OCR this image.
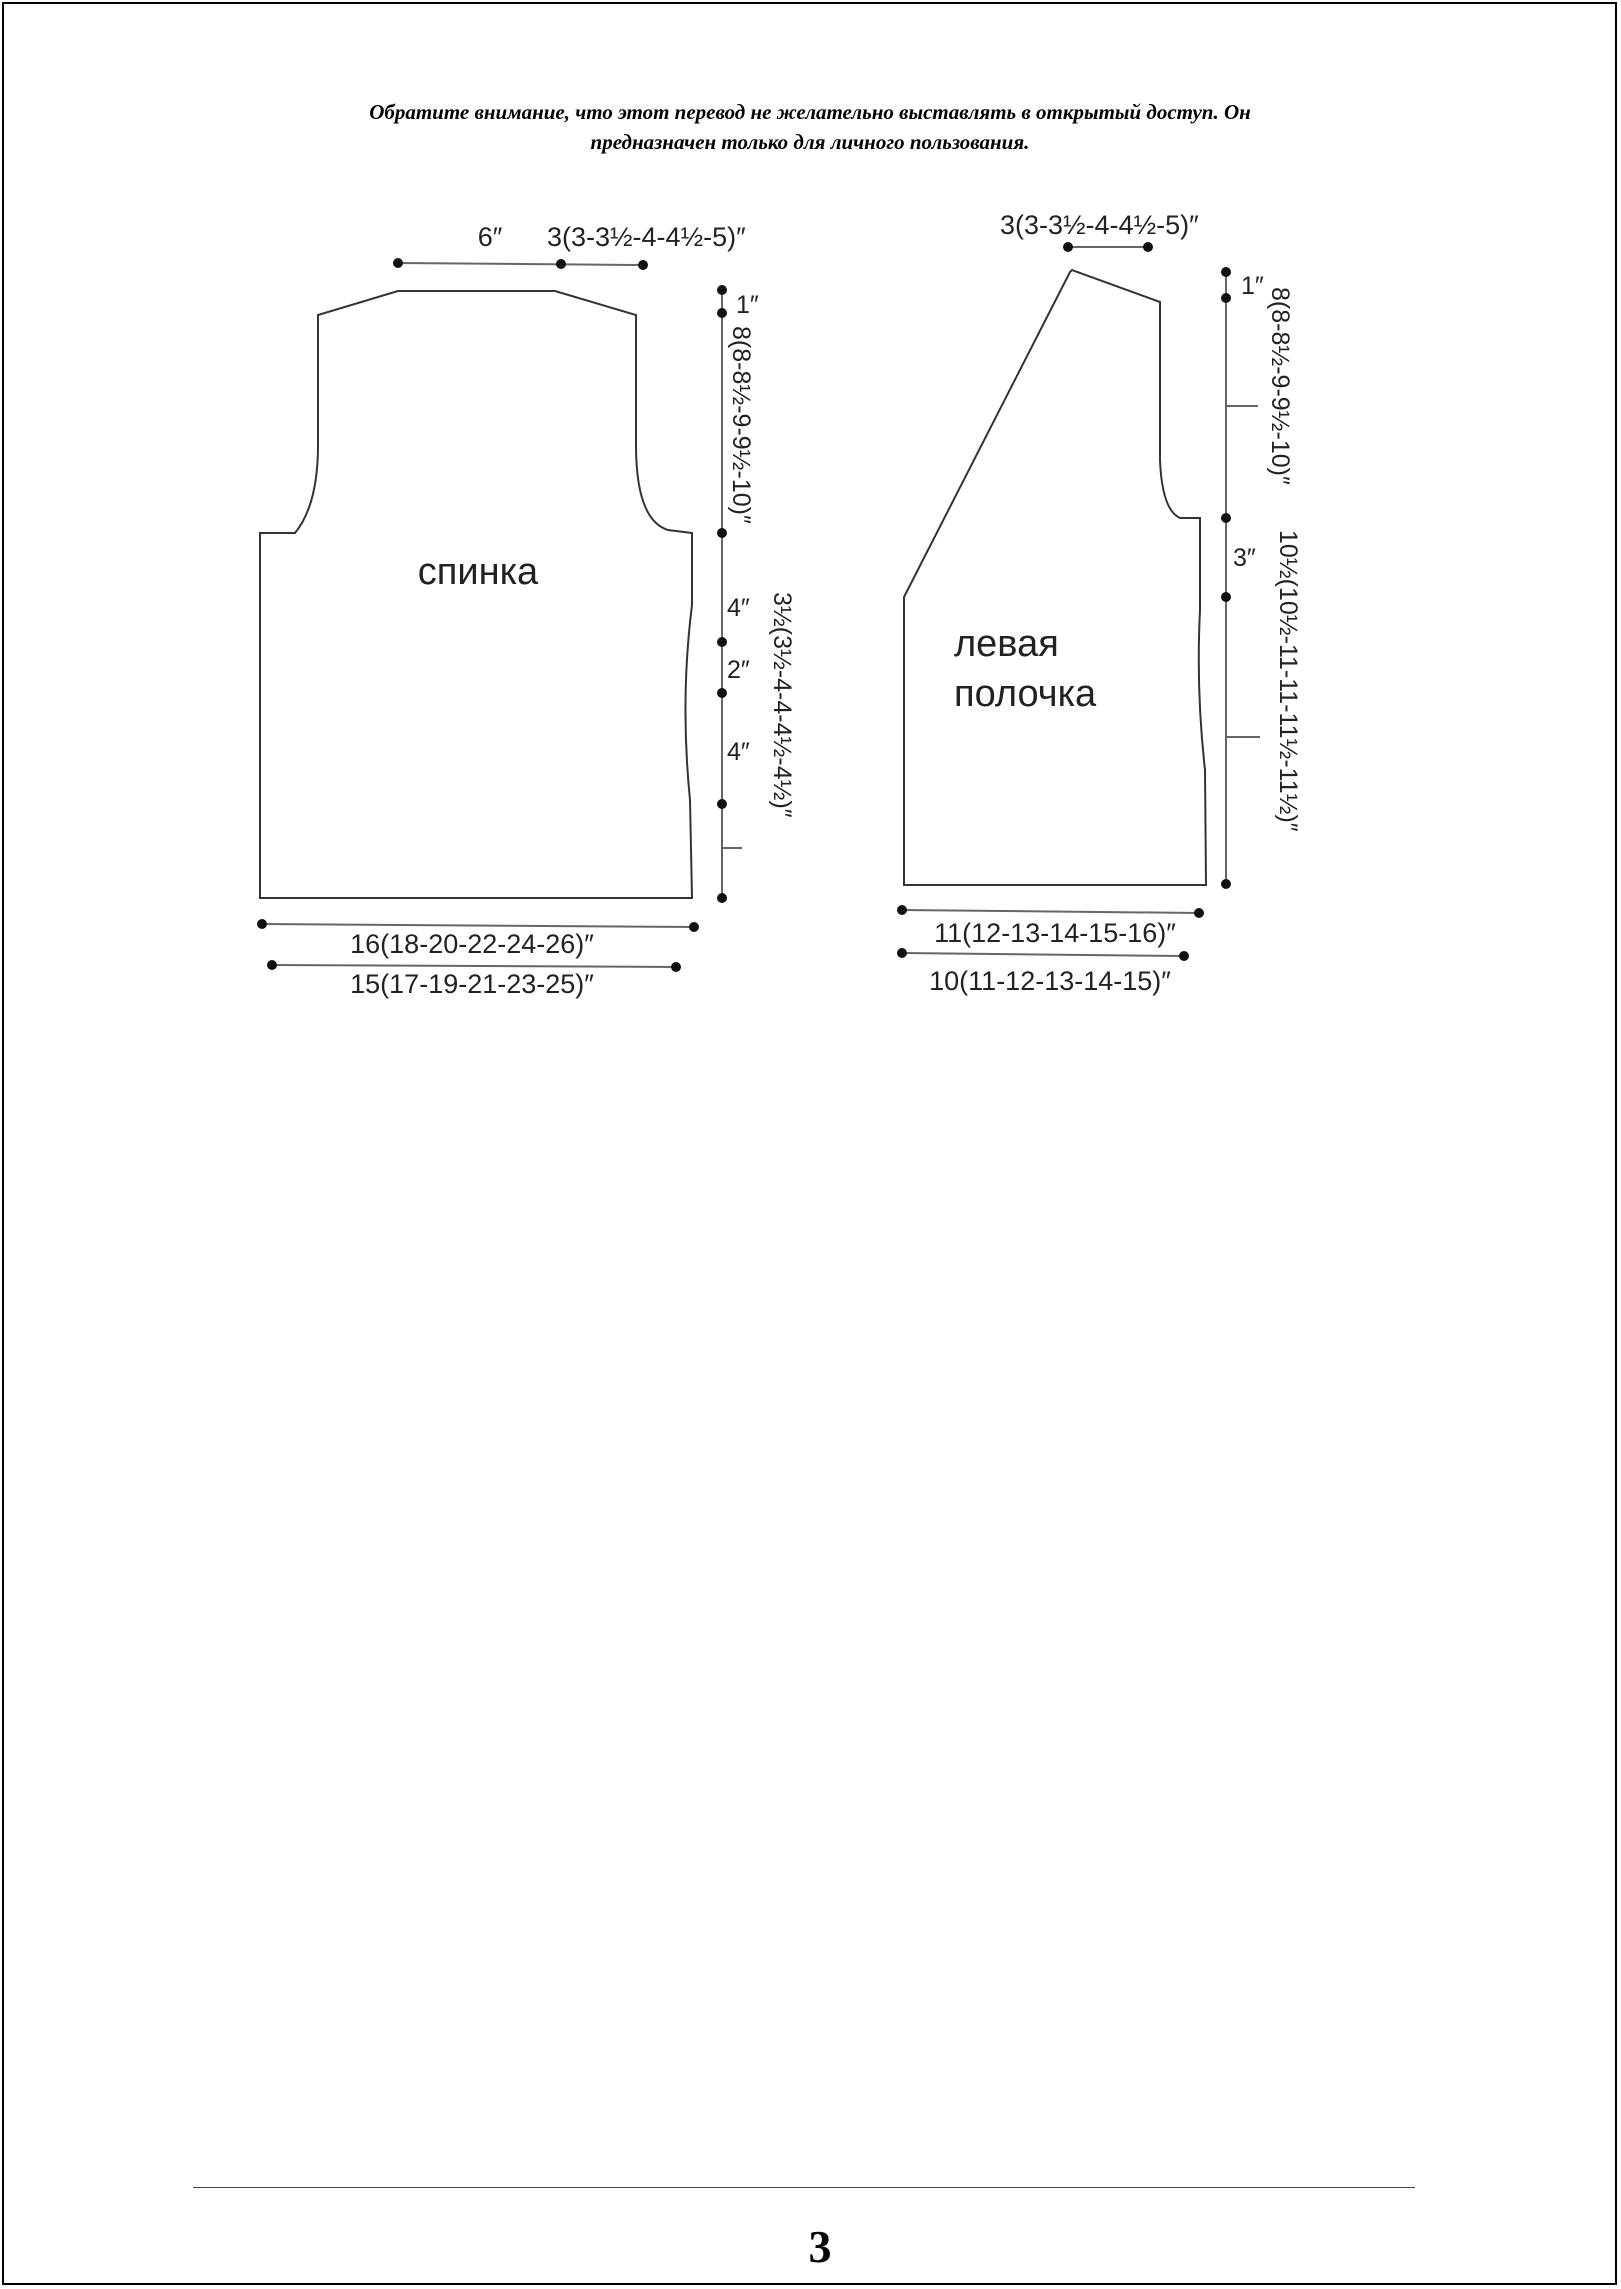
Обратите внимание, что этот перевод не желательно выставлять в открытый доступ. Он
предназначен только для личного пользования.
спинка
6″ 3(3-3½-4-4½-5)″
1″
8(8-8½-9-9½-10)″
4″
2″
4″ 3½(3½-4-4-4½-4½)″
16(18-20-22-24-26)″
15(17-19-21-23-25)″
левая
полочка
3(3-3½-4-4½-5)″
1″
8(8-8½-9-9½-10)″
3″ 10½(10½-11-11-11½-11½)″
11(12-13-14-15-16)″
10(11-12-13-14-15)″
3
